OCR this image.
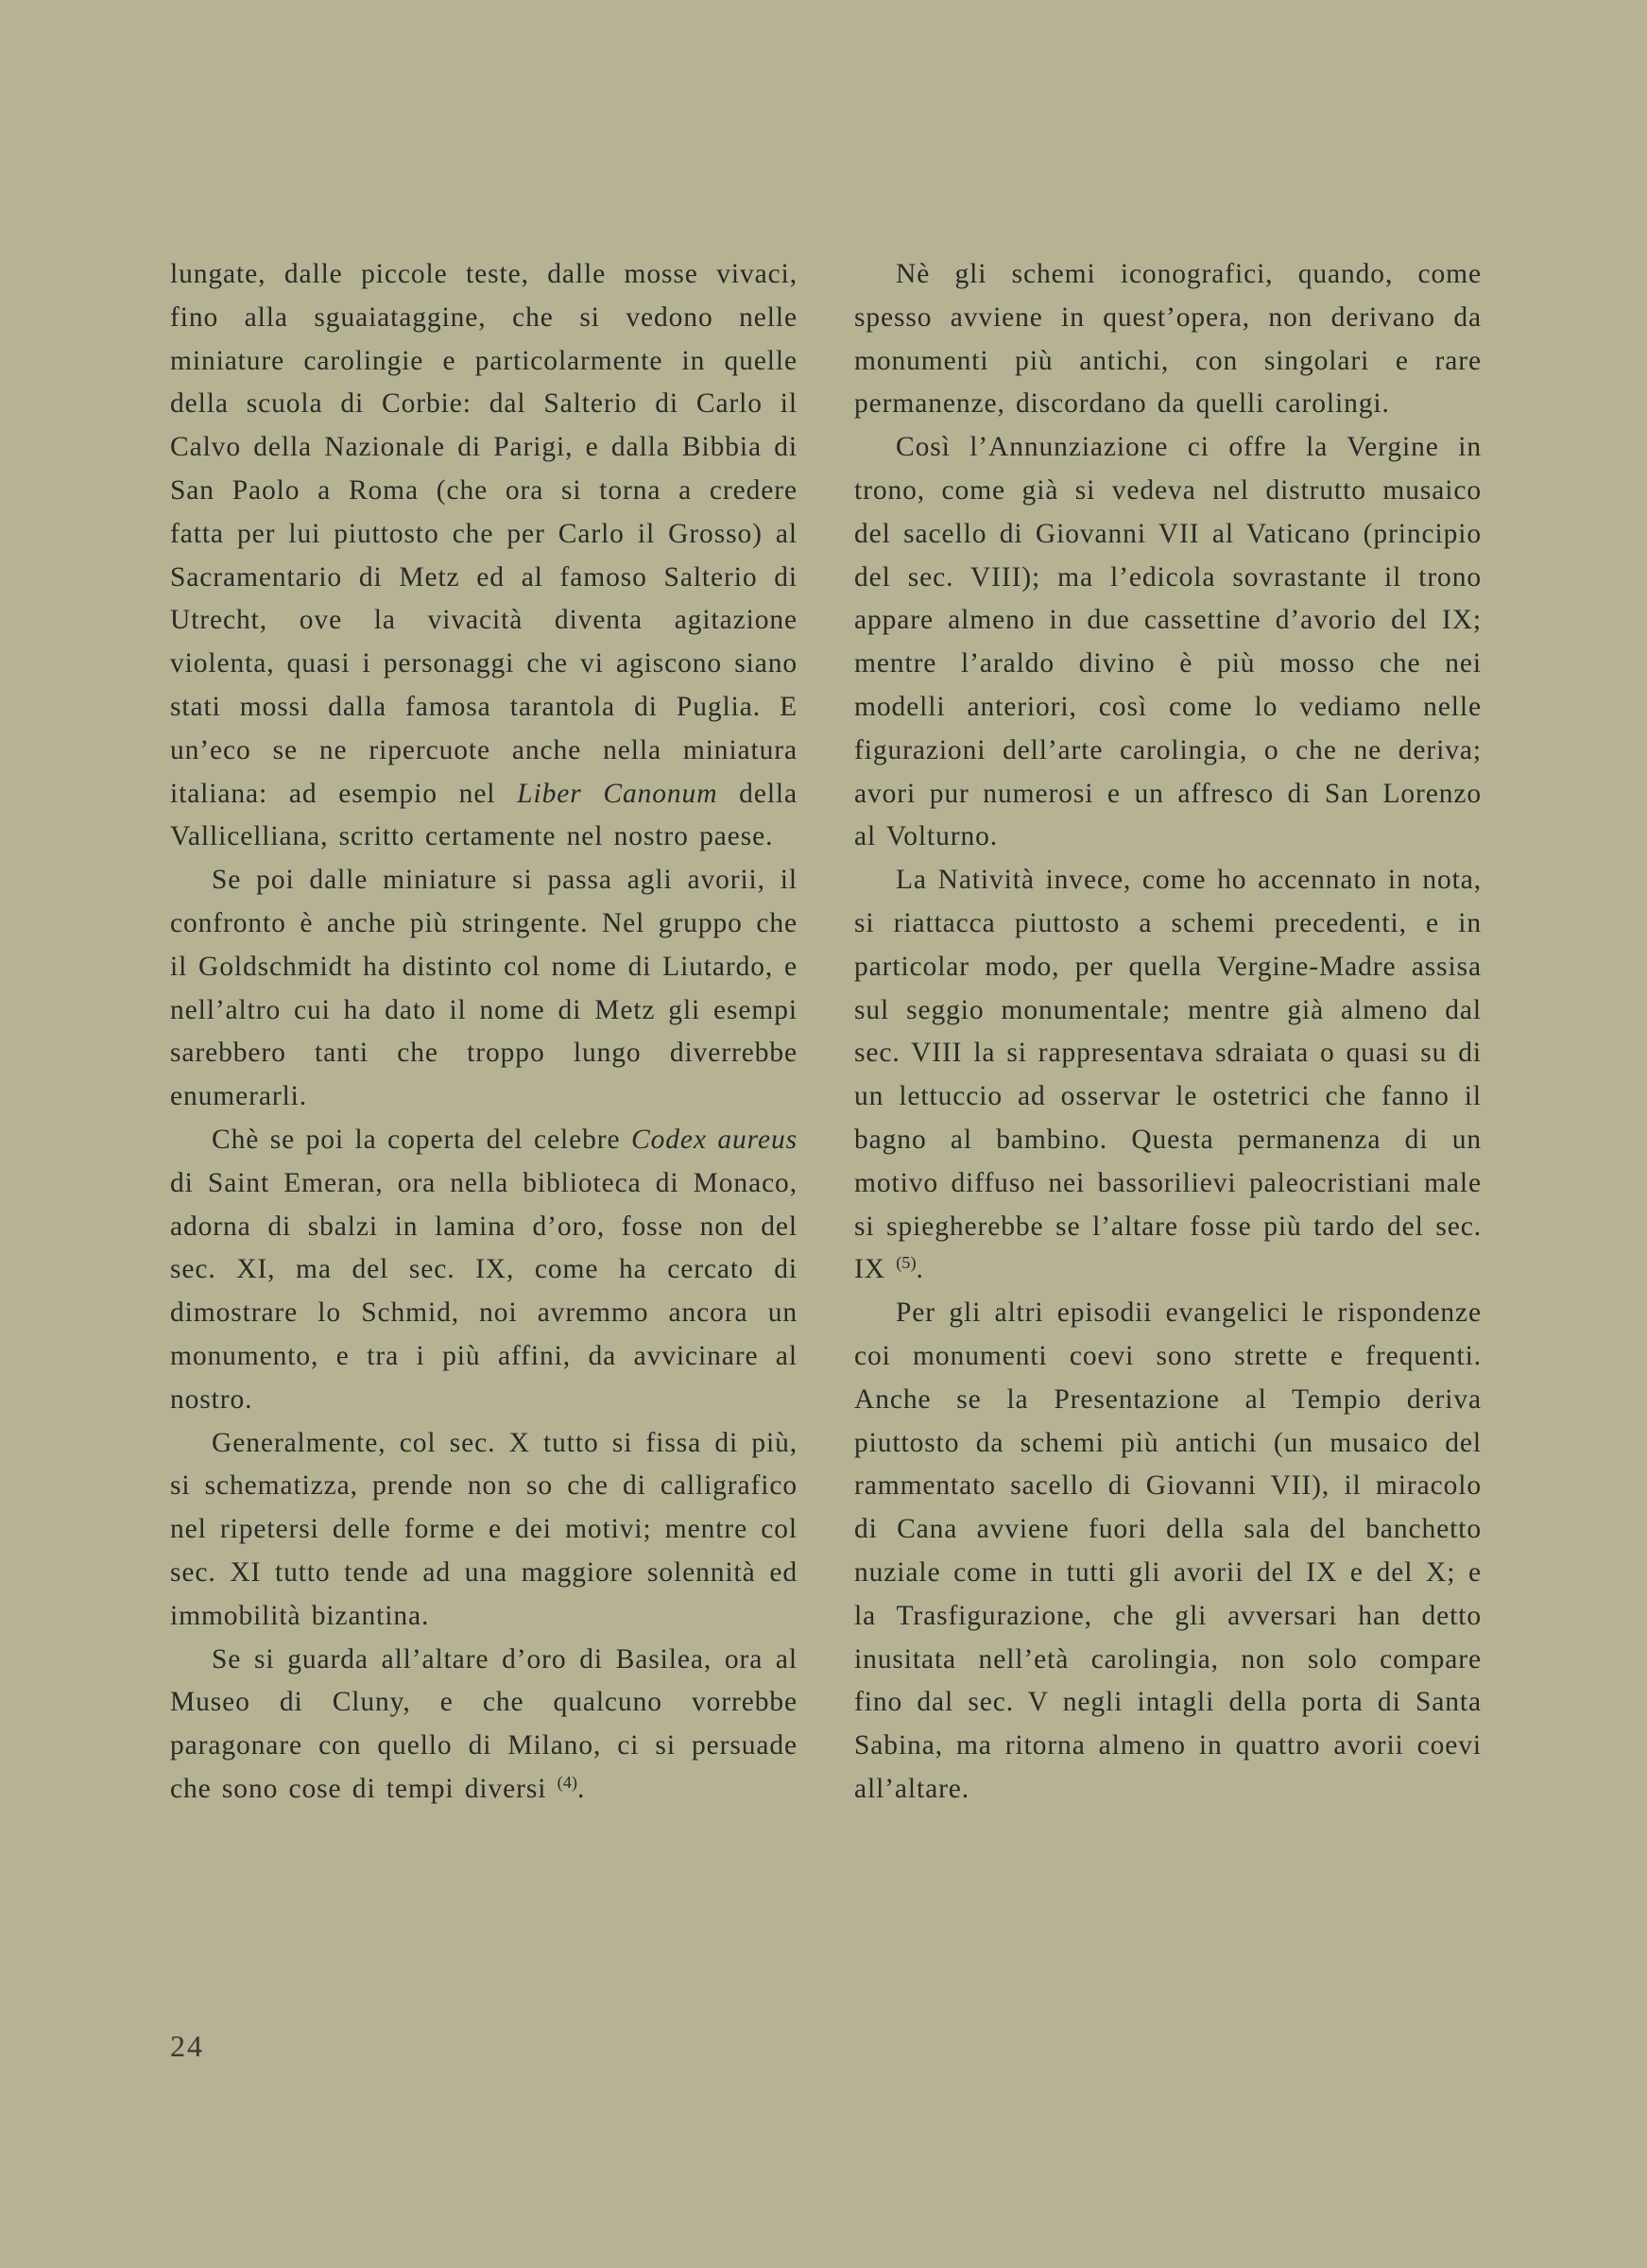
lungate, dalle piccole teste, dalle mosse vivaci, fino alla sguaiataggine, che si vedono nelle miniature carolingie e particolarmente in quelle della scuola di Corbie: dal Salterio di Carlo il Calvo della Nazionale di Parigi, e dalla Bibbia di San Paolo a Roma (che ora si torna a credere fatta per lui piuttosto che per Carlo il Grosso) al Sacramentario di Metz ed al famoso Salterio di Utrecht, ove la vivacità diventa agitazione violenta, quasi i personaggi che vi agiscono siano stati mossi dalla famosa tarantola di Puglia. E un’eco se ne ripercuote anche nella miniatura italiana: ad esempio nel Liber Canonum della Vallicelliana, scritto certamente nel nostro paese.

Se poi dalle miniature si passa agli avorii, il confronto è anche più stringente. Nel gruppo che il Goldschmidt ha distinto col nome di Liutardo, e nell’altro cui ha dato il nome di Metz gli esempi sarebbero tanti che troppo lungo diverrebbe enumerarli.

Chè se poi la coperta del celebre Codex aureus di Saint Emeran, ora nella biblioteca di Monaco, adorna di sbalzi in lamina d’oro, fosse non del sec. XI, ma del sec. IX, come ha cercato di dimostrare lo Schmid, noi avremmo ancora un monumento, e tra i più affini, da avvicinare al nostro.

Generalmente, col sec. X tutto si fissa di più, si schematizza, prende non so che di calligrafico nel ripetersi delle forme e dei motivi; mentre col sec. XI tutto tende ad una maggiore solennità ed immobilità bizantina.

Se si guarda all’altare d’oro di Basilea, ora al Museo di Cluny, e che qualcuno vorrebbe paragonare con quello di Milano, ci si persuade che sono cose di tempi diversi $^{(4)}$.

Nè gli schemi iconografici, quando, come spesso avviene in quest’opera, non derivano da monumenti più antichi, con singolari e rare permanenze, discordano da quelli carolingi.

Così l’Annunziazione ci offre la Vergine in trono, come già si vedeva nel distrutto musaico del sacello di Giovanni VII al Vaticano (principio del sec. VIII); ma l’edicola sovrastante il trono appare almeno in due cassettine d’avorio del IX; mentre l’araldo divino è più mosso che nei modelli anteriori, così come lo vediamo nelle figurazioni dell’arte carolingia, o che ne deriva; avori pur numerosi e un affresco di San Lorenzo al Volturno.

La Natività invece, come ho accennato in nota, si riattacca piuttosto a schemi precedenti, e in particolar modo, per quella Vergine-Madre assisa sul seggio monumentale; mentre già almeno dal sec. VIII la si rappresentava sdraiata o quasi su di un lettuccio ad osservar le ostetrici che fanno il bagno al bambino. Questa permanenza di un motivo diffuso nei bassorilievi paleocristiani male si spiegherebbe se l’altare fosse più tardo del sec. IX $^{(5)}$.

Per gli altri episodii evangelici le rispondenze coi monumenti coevi sono strette e frequenti. Anche se la Presentazione al Tempio deriva piuttosto da schemi più antichi (un musaico del rammentato sacello di Giovanni VII), il miracolo di Cana avviene fuori della sala del banchetto nuziale come in tutti gli avorii del IX e del X; e la Trasfigurazione, che gli avversari han detto inusitata nell’età carolingia, non solo compare fino dal sec. V negli intagli della porta di Santa Sabina, ma ritorna almeno in quattro avorii coevi all’altare.

24
